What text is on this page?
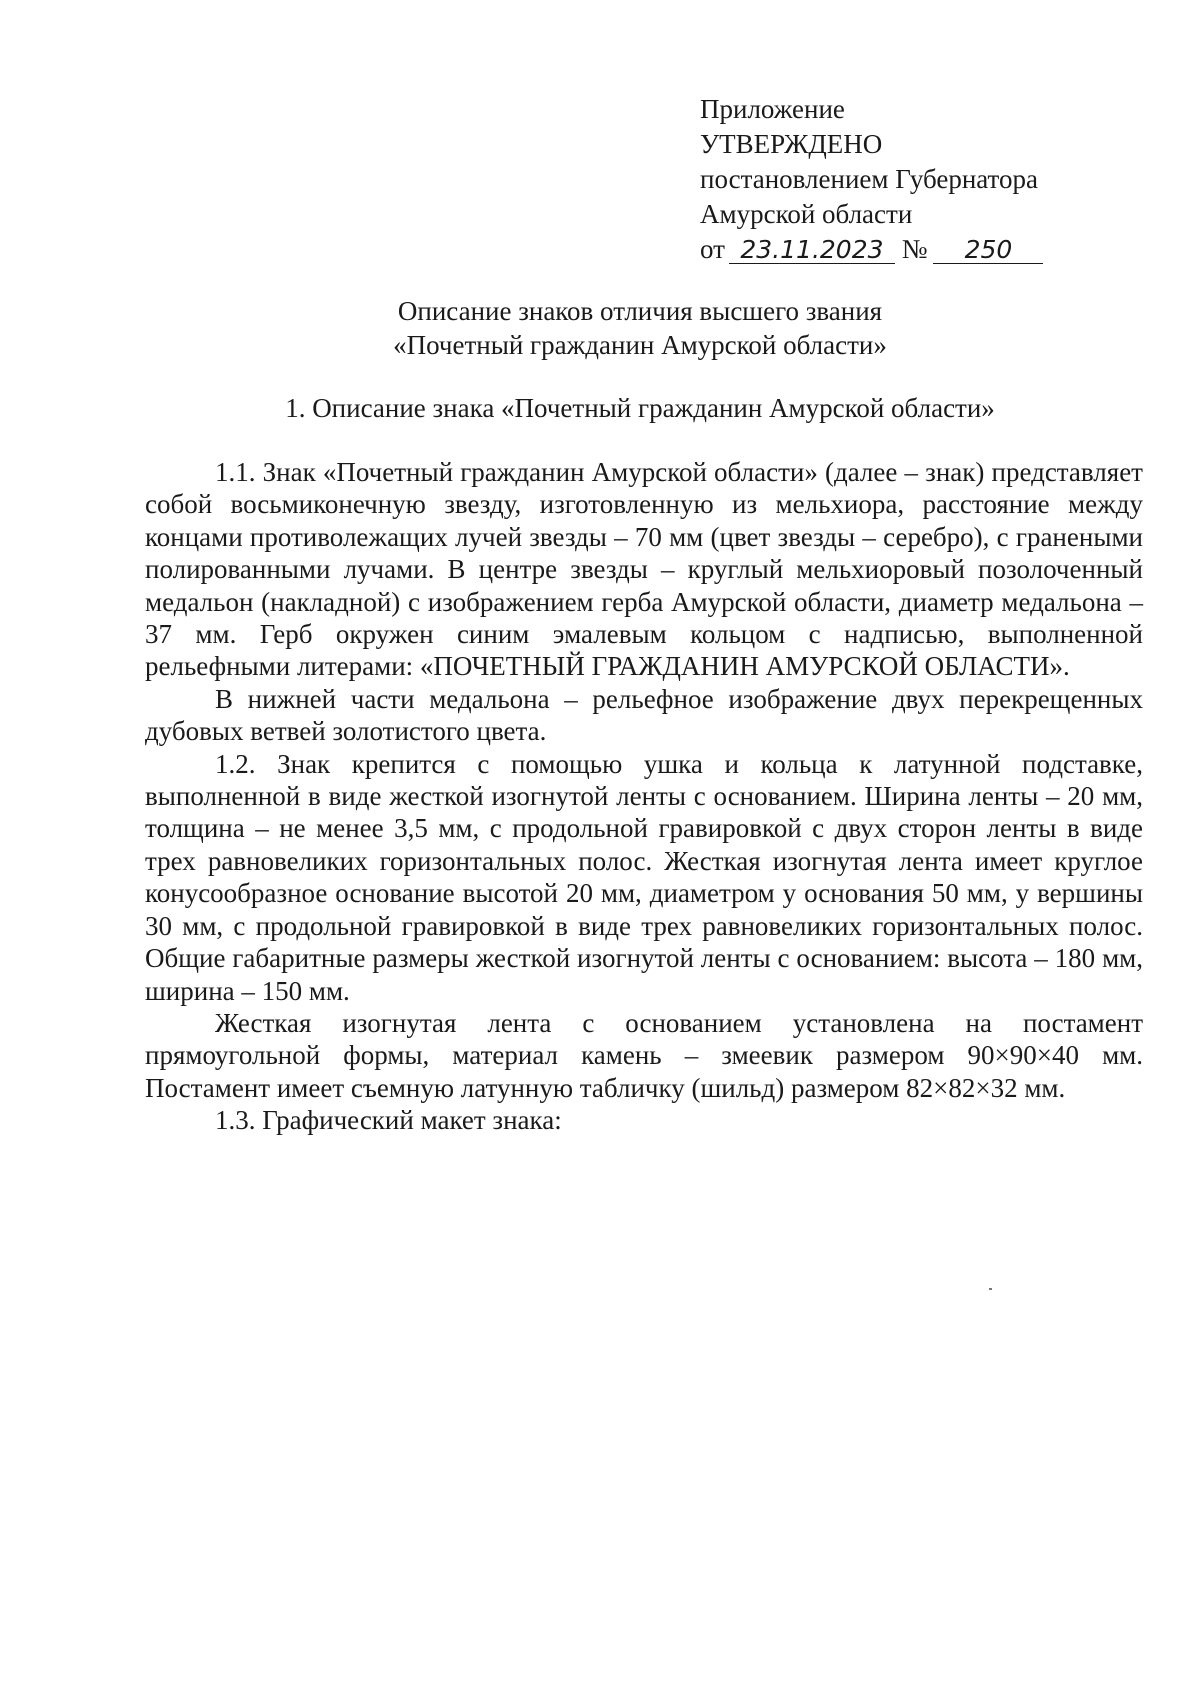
Приложение
УТВЕРЖДЕНО
постановлением Губернатора
Амурской области
от 23.11.2023 № 250
Описание знаков отличия высшего звания
«Почетный гражданин Амурской области»
1. Описание знака «Почетный гражданин Амурской области»

1.1. Знак «Почетный гражданин Амурской области» (далее – знак) представляет собой восьмиконечную звезду, изготовленную из мельхиора, расстояние между концами противолежащих лучей звезды – 70 мм (цвет звезды – серебро), с гранеными полированными лучами. В центре звезды – круглый мельхиоровый позолоченный медальон (накладной) с изображением герба Амурской области, диаметр медальона – 37 мм. Герб окружен синим эмалевым кольцом с надписью, выполненной рельефными литерами: «ПОЧЕТНЫЙ ГРАЖДАНИН АМУРСКОЙ ОБЛАСТИ».

В нижней части медальона – рельефное изображение двух перекрещенных дубовых ветвей золотистого цвета.

1.2. Знак крепится с помощью ушка и кольца к латунной подставке, выполненной в виде жесткой изогнутой ленты с основанием. Ширина ленты – 20 мм, толщина – не менее 3,5 мм, с продольной гравировкой с двух сторон ленты в виде трех равновеликих горизонтальных полос. Жесткая изогнутая лента имеет круглое конусообразное основание высотой 20 мм, диаметром у основания 50 мм, у вершины 30 мм, с продольной гравировкой в виде трех равновеликих горизонтальных полос. Общие габаритные размеры жесткой изогнутой ленты с основанием: высота – 180 мм, ширина – 150 мм.

Жесткая изогнутая лента с основанием установлена на постамент прямоугольной формы, материал камень – змеевик размером 90×90×40 мм. Постамент имеет съемную латунную табличку (шильд) размером 82×82×32 мм.

1.3. Графический макет знака:
